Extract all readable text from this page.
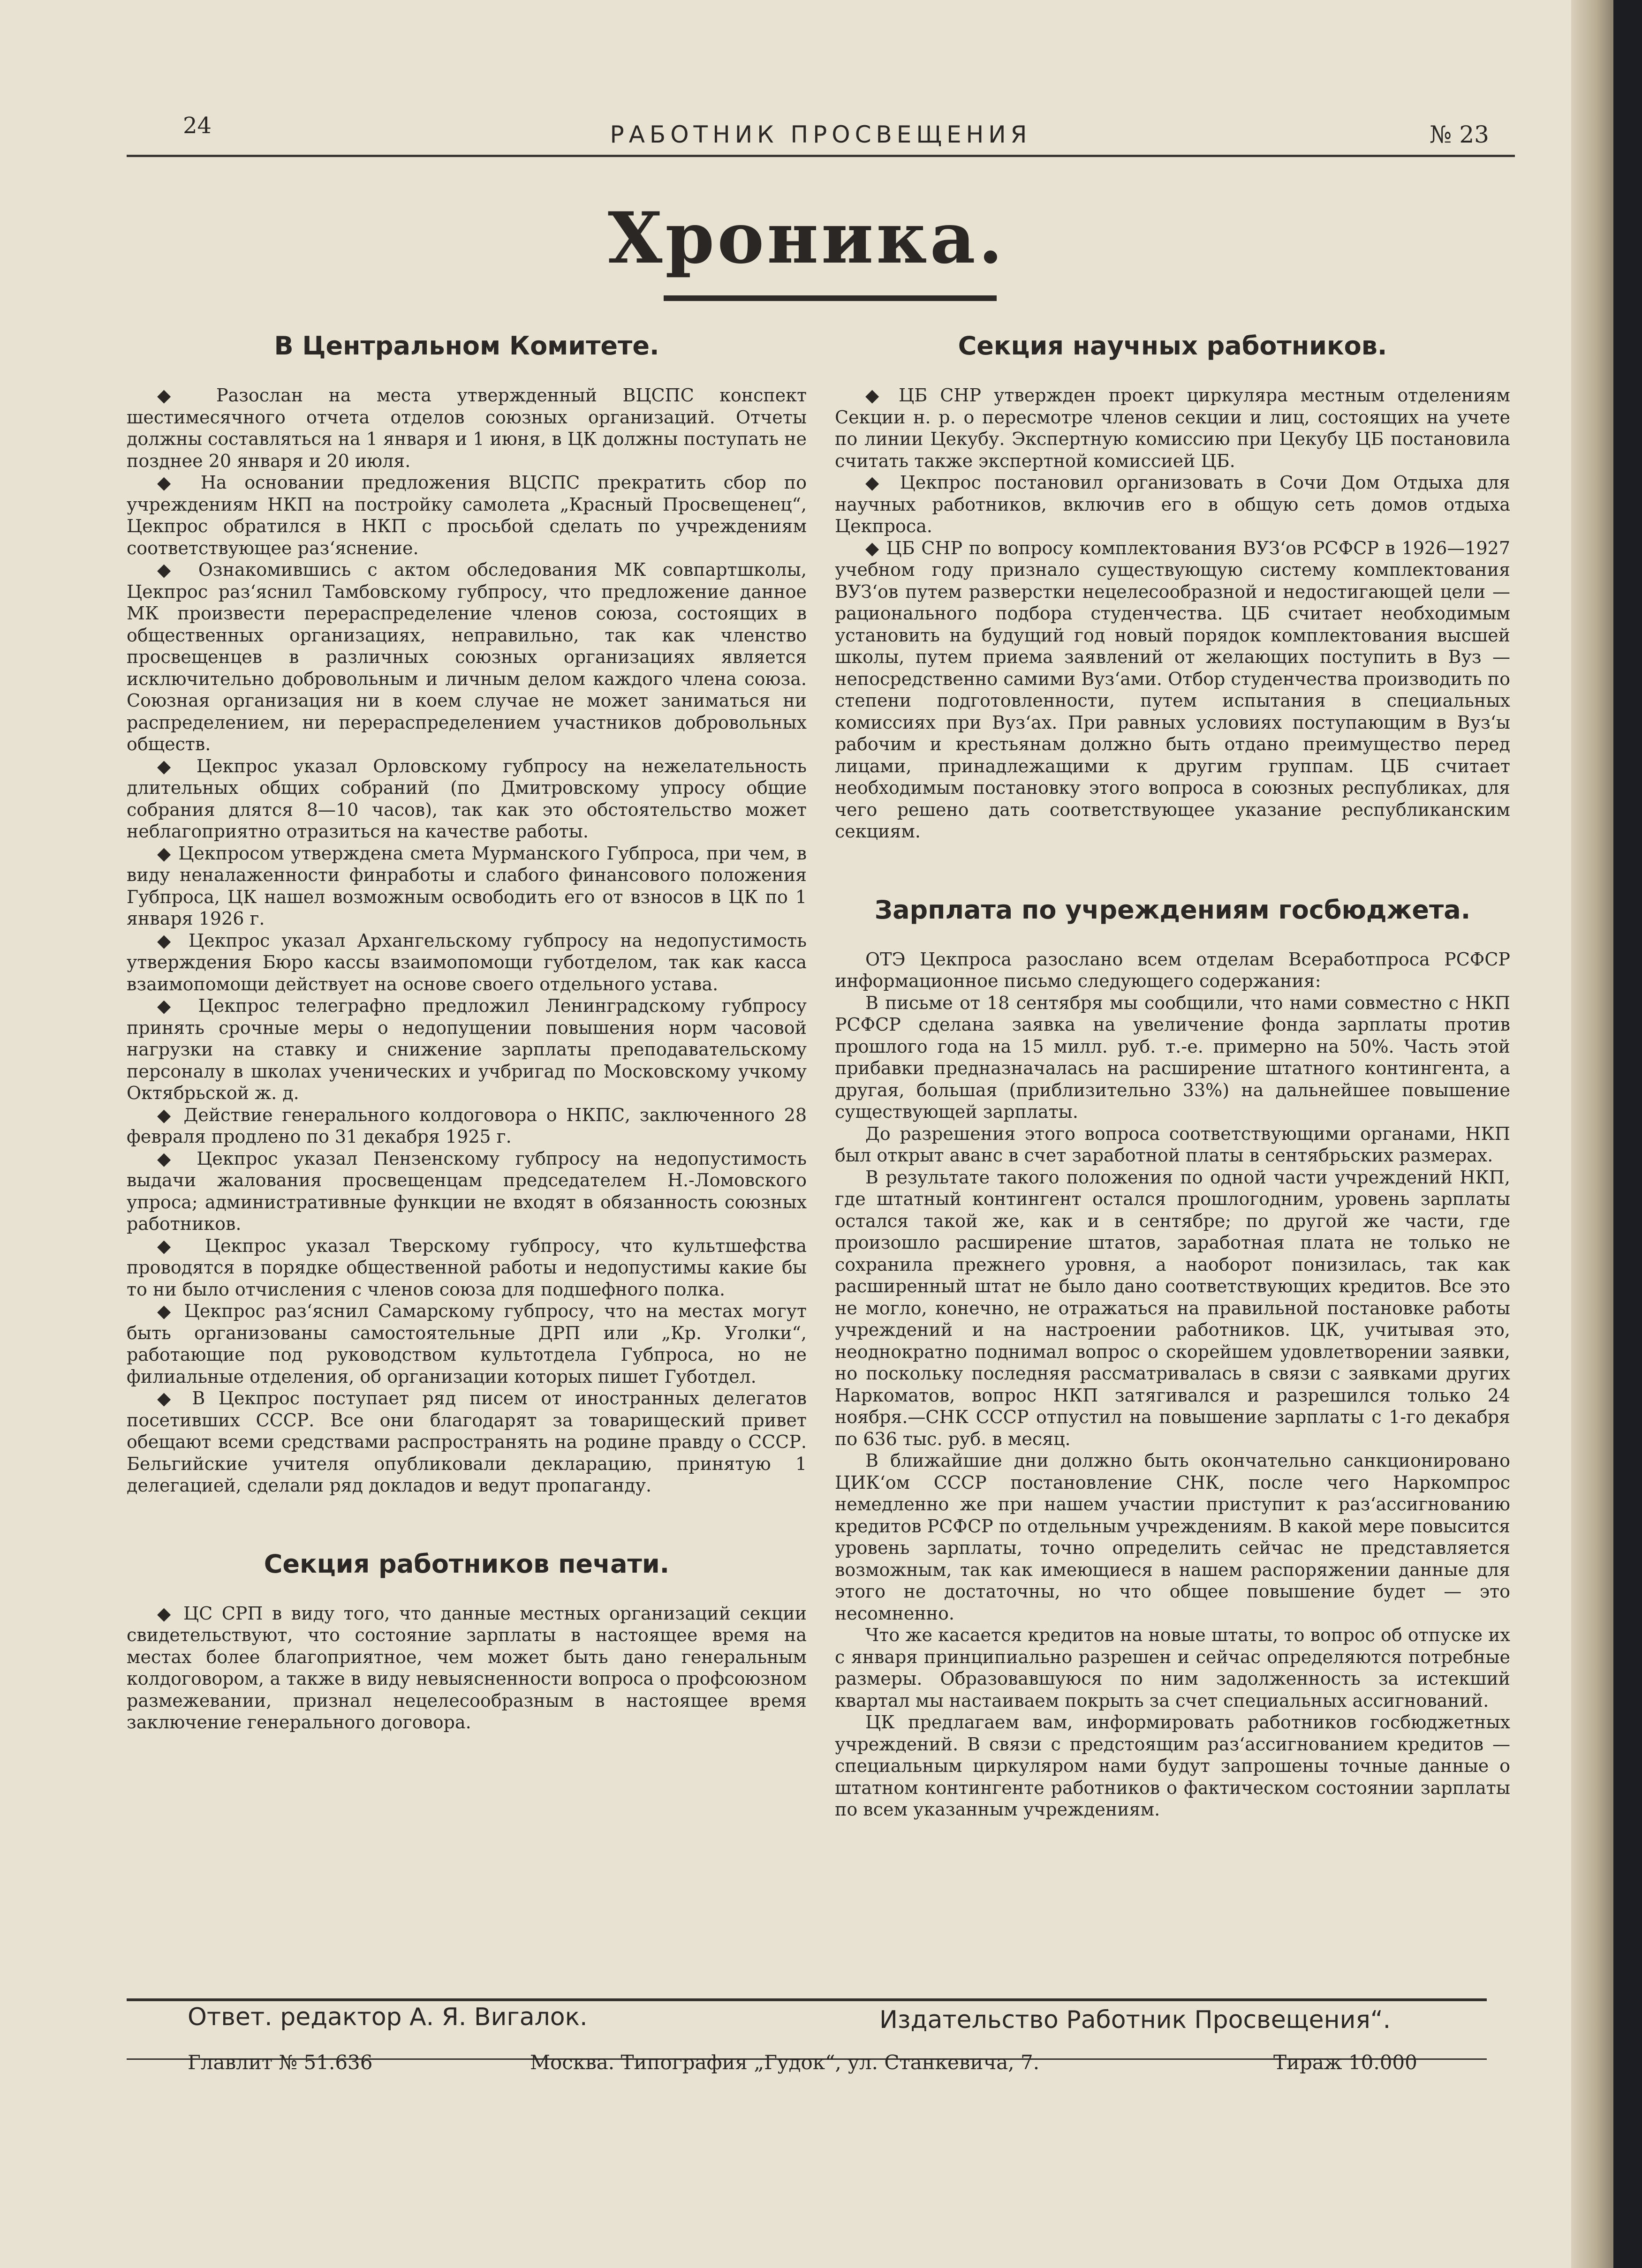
24	РАБОТНИК ПРОСВЕЩЕНИЯ	№ 23
Хроника.
В Центральном Комитете.

◆ Разослан на места утвержденный ВЦСПС конспект шестимесячного отчета отделов союзных организаций. Отчеты должны составляться на 1 января и 1 июня, в ЦК должны поступать не позднее 20 января и 20 июля.

◆ На основании предложения ВЦСПС прекратить сбор по учреждениям НКП на постройку самолета „Красный Просвещенец“, Цекпрос обратился в НКП с просьбой сделать по учреждениям соответствующее раз‘яснение.

◆ Ознакомившись с актом обследования МК совпартшколы, Цекпрос раз‘яснил Тамбовскому губпросу, что предложение данное МК произвести перераспределение членов союза, состоящих в общественных организациях, неправильно, так как членство просвещенцев в различных союзных организациях является исключительно добровольным и личным делом каждого члена союза. Союзная организация ни в коем случае не может заниматься ни распределением, ни перераспределением участников добровольных обществ.

◆ Цекпрос указал Орловскому губпросу на нежелательность длительных общих собраний (по Дмитровскому упросу общие собрания длятся 8—10 часов), так как это обстоятельство может неблагоприятно отразиться на качестве работы.

◆ Цекпросом утверждена смета Мурманского Губпроса, при чем, в виду неналаженности финработы и слабого финансового положения Губпроса, ЦК нашел возможным освободить его от взносов в ЦК по 1 января 1926 г.

◆ Цекпрос указал Архангельскому губпросу на недопустимость утверждения Бюро кассы взаимопомощи губотделом, так как касса взаимопомощи действует на основе своего отдельного устава.

◆ Цекпрос телеграфно предложил Ленинградскому губпросу принять срочные меры о недопущении повышения норм часовой нагрузки на ставку и снижение зарплаты преподавательскому персоналу в школах ученических и учбригад по Московскому учкому Октябрьской ж. д.

◆ Действие генерального колдоговора о НКПС, заключенного 28 февраля продлено по 31 декабря 1925 г.

◆ Цекпрос указал Пензенскому губпросу на недопустимость выдачи жалования просвещенцам председателем Н.-Ломовского упроса; административные функции не входят в обязанность союзных работников.

◆ Цекпрос указал Тверскому губпросу, что культшефства проводятся в порядке общественной работы и недопустимы какие бы то ни было отчисления с членов союза для подшефного полка.

◆ Цекпрос раз‘яснил Самарскому губпросу, что на местах могут быть организованы самостоятельные ДРП или „Кр. Уголки“, работающие под руководством культотдела Губпроса, но не филиальные отделения, об организации которых пишет Губотдел.

◆ В Цекпрос поступает ряд писем от иностранных делегатов посетивших СССР. Все они благодарят за товарищеский привет обещают всеми средствами распространять на родине правду о СССР. Бельгийские учителя опубликовали декларацию, принятую 1 делегацией, сделали ряд докладов и ведут пропаганду.

Секция работников печати.

◆ ЦС СРП в виду того, что данные местных организаций секции свидетельствуют, что состояние зарплаты в настоящее время на местах более благоприятное, чем может быть дано генеральным колдоговором, а также в виду невыясненности вопроса о профсоюзном размежевании, признал нецелесообразным в настоящее время заключение генерального договора.

Секция научных работников.

◆ ЦБ СНР утвержден проект циркуляра местным отделениям Секции н. р. о пересмотре членов секции и лиц, состоящих на учете по линии Цекубу. Экспертную комиссию при Цекубу ЦБ постановила считать также экспертной комиссией ЦБ.

◆ Цекпрос постановил организовать в Сочи Дом Отдыха для научных работников, включив его в общую сеть домов отдыха Цекпроса.

◆ ЦБ СНР по вопросу комплектования ВУЗ‘ов РСФСР в 1926—1927 учебном году признало существующую систему комплектования ВУЗ‘ов путем разверстки нецелесообразной и недостигающей цели — рационального подбора студенчества. ЦБ считает необходимым установить на будущий год новый порядок комплектования высшей школы, путем приема заявлений от желающих поступить в Вуз — непосредственно самими Вуз‘ами. Отбор студенчества производить по степени подготовленности, путем испытания в специальных комиссиях при Вуз‘ах. При равных условиях поступающим в Вуз‘ы рабочим и крестьянам должно быть отдано преимущество перед лицами, принадлежащими к другим группам. ЦБ считает необходимым постановку этого вопроса в союзных республиках, для чего решено дать соответствующее указание республиканским секциям.

Зарплата по учреждениям госбюджета.

ОТЭ Цекпроса разослано всем отделам Всеработпроса РСФСР информационное письмо следующего содержания:

В письме от 18 сентября мы сообщили, что нами совместно с НКП РСФСР сделана заявка на увеличение фонда зарплаты против прошлого года на 15 милл. руб. т.-е. примерно на 50%. Часть этой прибавки предназначалась на расширение штатного контингента, а другая, большая (приблизительно 33%) на дальнейшее повышение существующей зарплаты.

До разрешения этого вопроса соответствующими органами, НКП был открыт аванс в счет заработной платы в сентябрьских размерах.

В результате такого положения по одной части учреждений НКП, где штатный контингент остался прошлогодним, уровень зарплаты остался такой же, как и в сентябре; по другой же части, где произошло расширение штатов, заработная плата не только не сохранила прежнего уровня, а наоборот понизилась, так как расширенный штат не было дано соответствующих кредитов. Все это не могло, конечно, не отражаться на правильной постановке работы учреждений и на настроении работников. ЦК, учитывая это, неоднократно поднимал вопрос о скорейшем удовлетворении заявки, но поскольку последняя рассматривалась в связи с заявками других Наркоматов, вопрос НКП затягивался и разрешился только 24 ноября.—СНК СССР отпустил на повышение зарплаты с 1-го декабря по 636 тыс. руб. в месяц.

В ближайшие дни должно быть окончательно санкционировано ЦИК‘ом СССР постановление СНК, после чего Наркомпрос немедленно же при нашем участии приступит к раз‘ассигнованию кредитов РСФСР по отдельным учреждениям. В какой мере повысится уровень зарплаты, точно определить сейчас не представляется возможным, так как имеющиеся в нашем распоряжении данные для этого не достаточны, но что общее повышение будет — это несомненно.

Что же касается кредитов на новые штаты, то вопрос об отпуске их с января принципиально разрешен и сейчас определяются потребные размеры. Образовавшуюся по ним задолженность за истекший квартал мы настаиваем покрыть за счет специальных ассигнований.

ЦК предлагаем вам, информировать работников госбюджетных учреждений. В связи с предстоящим раз‘ассигнованием кредитов — специальным циркуляром нами будут запрошены точные данные о штатном контингенте работников о фактическом состоянии зарплаты по всем указанным учреждениям.

Ответ. редактор А. Я. Вигалок.	Издательство Работник Просвещения“.
Главлит № 51.636	Москва. Типография „Гудок“, ул. Станкевича, 7.	Тираж 10.000
